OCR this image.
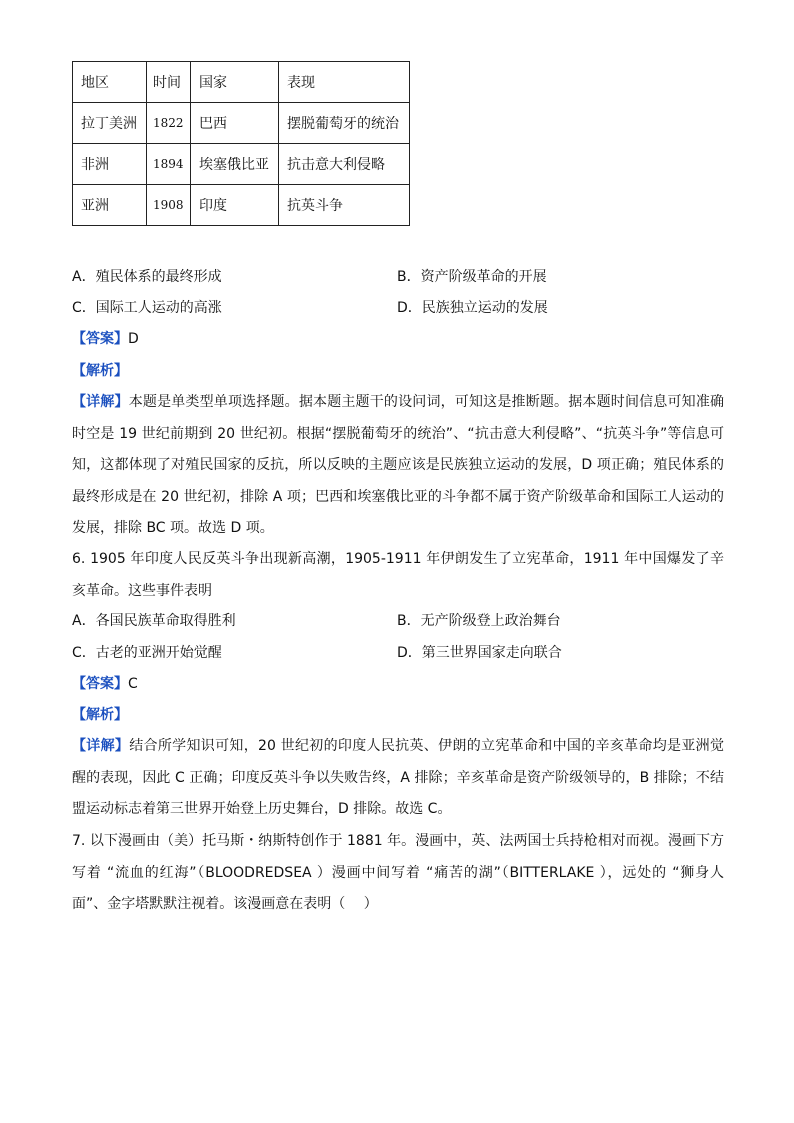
地区	时间	国家	表现
拉丁美洲	1822	巴西	摆脱葡萄牙的统治
非洲	1894	埃塞俄比亚	抗击意大利侵略
亚洲	1908	印度	抗英斗争
A．殖民体系的最终形成	B．资产阶级革命的开展
C．国际工人运动的高涨	D．民族独立运动的发展
【答案】D
【解析】
【详解】本题是单类型单项选择题。据本题主题干的设问词，可知这是推断题。据本题时间信息可知准确时空是 19 世纪前期到 20 世纪初。根据“摆脱葡萄牙的统治”、“抗击意大利侵略”、“抗英斗争”等信息可知，这都体现了对殖民国家的反抗，所以反映的主题应该是民族独立运动的发展，D 项正确；殖民体系的最终形成是在 20 世纪初，排除 A 项；巴西和埃塞俄比亚的斗争都不属于资产阶级革命和国际工人运动的发展，排除 BC 项。故选 D 项。
6. 1905 年印度人民反英斗争出现新高潮，1905-1911 年伊朗发生了立宪革命，1911 年中国爆发了辛亥革命。这些事件表明
A．各国民族革命取得胜利	B．无产阶级登上政治舞台
C．古老的亚洲开始觉醒	D．第三世界国家走向联合
【答案】C
【解析】
【详解】结合所学知识可知，20 世纪初的印度人民抗英、伊朗的立宪革命和中国的辛亥革命均是亚洲觉醒的表现，因此 C 正确；印度反英斗争以失败告终，A 排除；辛亥革命是资产阶级领导的，B 排除；不结盟运动标志着第三世界开始登上历史舞台，D 排除。故选 C。
7. 以下漫画由（美）托马斯・纳斯特创作于 1881 年。漫画中，英、法两国士兵持枪相对而视。漫画下方写着 “流血的红海”（BLOODREDSEA ）漫画中间写着 “痛苦的湖”（BITTERLAKE ），远处的 “狮身人面”、金字塔默默注视着。该漫画意在表明（ 　）
